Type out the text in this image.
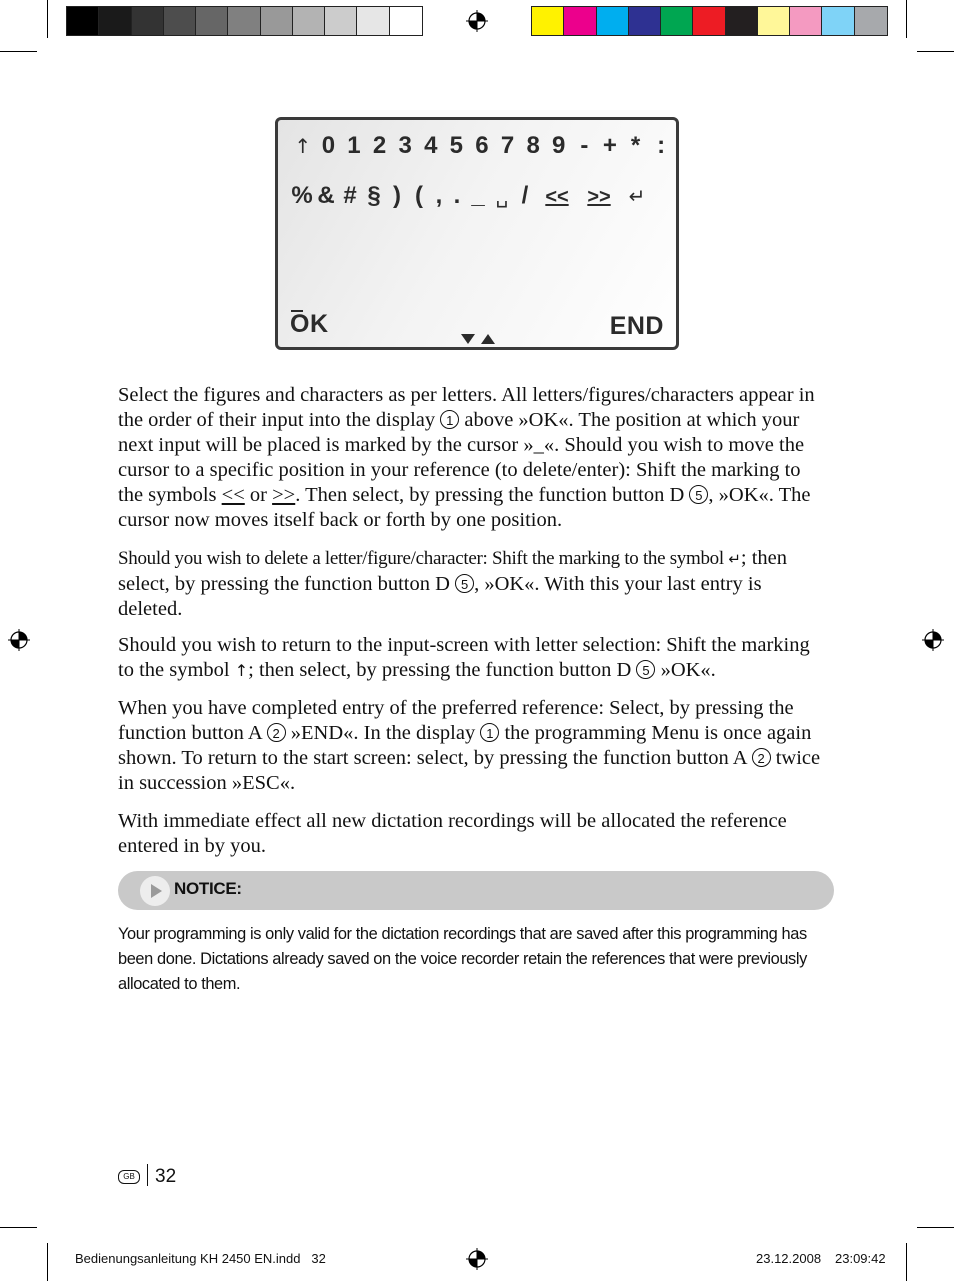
↑ 0 1 2 3 4 5 6 7 8 9 - + * :
% & # § ) ( , . _ ␣ / << >> ↵
OK	END
Select the figures and characters as per letters. All letters/figures/characters appear in the order of their input into the display 1 above »OK«. The position at which your next input will be placed is marked by the cursor »_«. Should you wish to move the cursor to a specific position in your reference (to delete/enter): Shift the marking to the symbols << or >>. Then select, by pressing the function button D 5 , »OK«. The cursor now moves itself back or forth by one position.
Should you wish to delete a letter/figure/character: Shift the marking to the symbol ↵; then select, by pressing the function button D 5 , »OK«. With this your last entry is deleted.
Should you wish to return to the input-screen with letter selection: Shift the marking to the symbol ↑; then select, by pressing the function button D 5 »OK«.
When you have completed entry of the preferred reference: Select, by pressing the function button A 2 »END«. In the display 1 the programming Menu is once again shown. To return to the start screen: select, by pressing the function button A 2 twice in succession »ESC«.
With immediate effect all new dictation recordings will be allocated the reference entered in by you.
NOTICE:
Your programming is only valid for the dictation recordings that are saved after this programming has been done. Dictations already saved on the voice recorder retain the references that were previously allocated to them.
GB 32
Bedienungsanleitung KH 2450 EN.indd   32	23.12.2008 23:09:42
